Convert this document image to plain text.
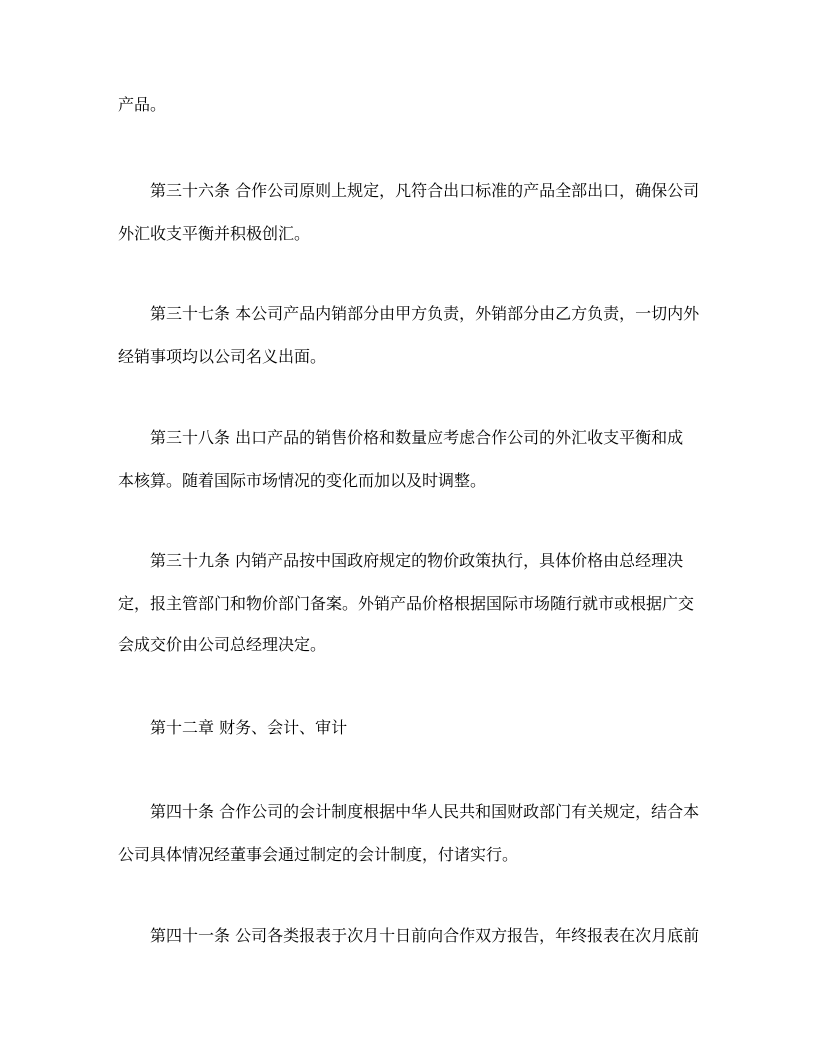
产品。
第三十六条 合作公司原则上规定，凡符合出口标准的产品全部出口，确保公司
外汇收支平衡并积极创汇。
第三十七条 本公司产品内销部分由甲方负责，外销部分由乙方负责，一切内外
经销事项均以公司名义出面。
第三十八条 出口产品的销售价格和数量应考虑合作公司的外汇收支平衡和成
本核算。随着国际市场情况的变化而加以及时调整。
第三十九条 内销产品按中国政府规定的物价政策执行，具体价格由总经理决
定，报主管部门和物价部门备案。外销产品价格根据国际市场随行就市或根据广交
会成交价由公司总经理决定。
第十二章 财务、会计、审计
第四十条 合作公司的会计制度根据中华人民共和国财政部门有关规定，结合本
公司具体情况经董事会通过制定的会计制度，付诸实行。
第四十一条 公司各类报表于次月十日前向合作双方报告，年终报表在次月底前
